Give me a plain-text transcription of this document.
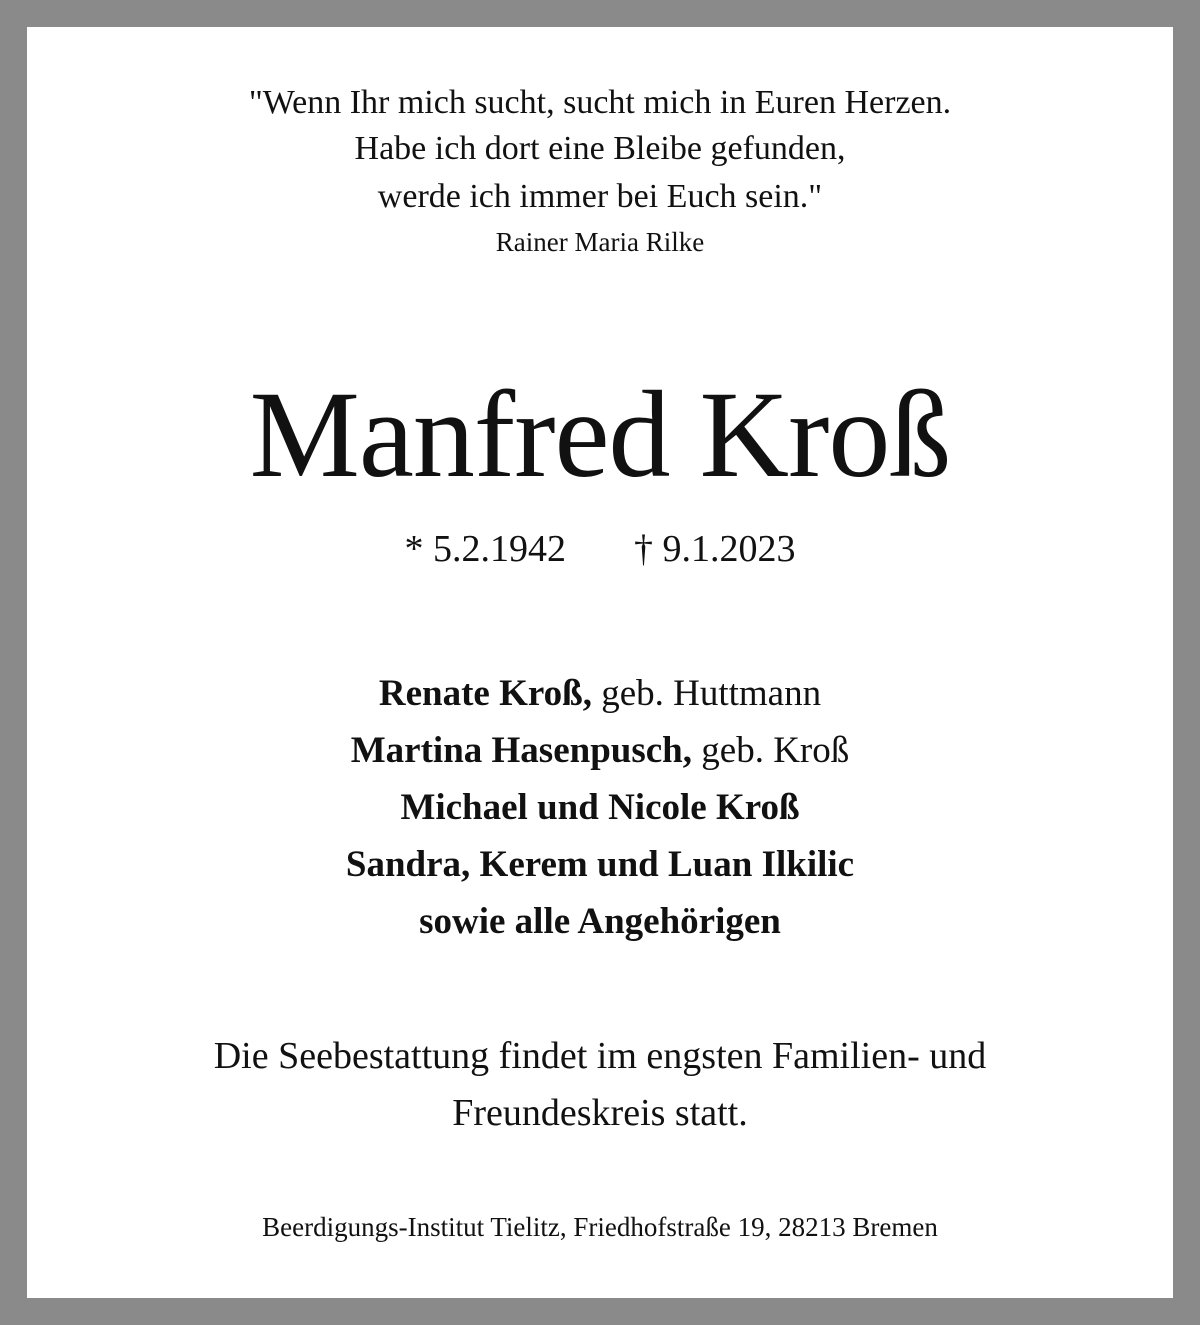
"Wenn Ihr mich sucht, sucht mich in Euren Herzen.
Habe ich dort eine Bleibe gefunden,
werde ich immer bei Euch sein."
Rainer Maria Rilke
Manfred Kroß
* 5.2.1942 † 9.1.2023
Renate Kroß, geb. Huttmann
Martina Hasenpusch, geb. Kroß
Michael und Nicole Kroß
Sandra, Kerem und Luan Ilkilic
sowie alle Angehörigen
Die Seebestattung findet im engsten Familien- und
Freundeskreis statt.
Beerdigungs-Institut Tielitz, Friedhofstraße 19, 28213 Bremen
